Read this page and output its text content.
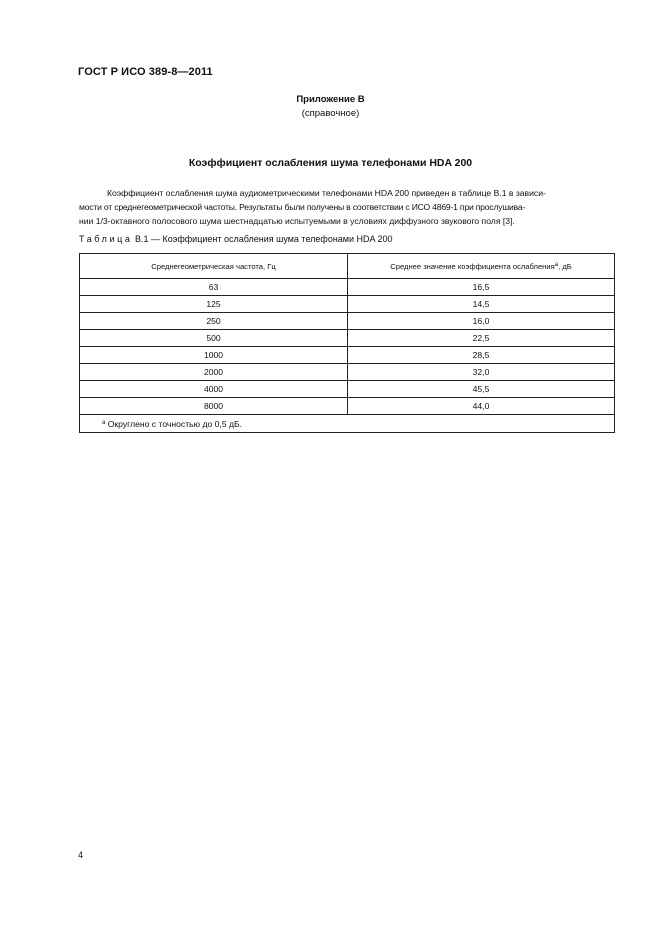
ГОСТ Р ИСО 389-8—2011
Приложение В
(справочное)
Коэффициент ослабления шума телефонами HDA 200
Коэффициент ослабления шума аудиометрическими телефонами HDA 200 приведен в таблице В.1 в зависи-
мости от среднегеометрической частоты. Результаты были получены в соответствии с ИСО 4869-1 при прослушива-
нии 1/3-октавного полосового шума шестнадцатью испытуемыми в условиях диффузного звукового поля [3].
Таблица В.1 — Коэффициент ослабления шума телефонами HDA 200
Среднегеометрическая частота, Гц	Среднее значение коэффициента ослабления$^а$, дБ
63	16,5
125	14,5
250	16,0
500	22,5
1000	28,5
2000	32,0
4000	45,5
8000	44,0
$^а$ Округлено с точностью до 0,5 дБ.	
4
